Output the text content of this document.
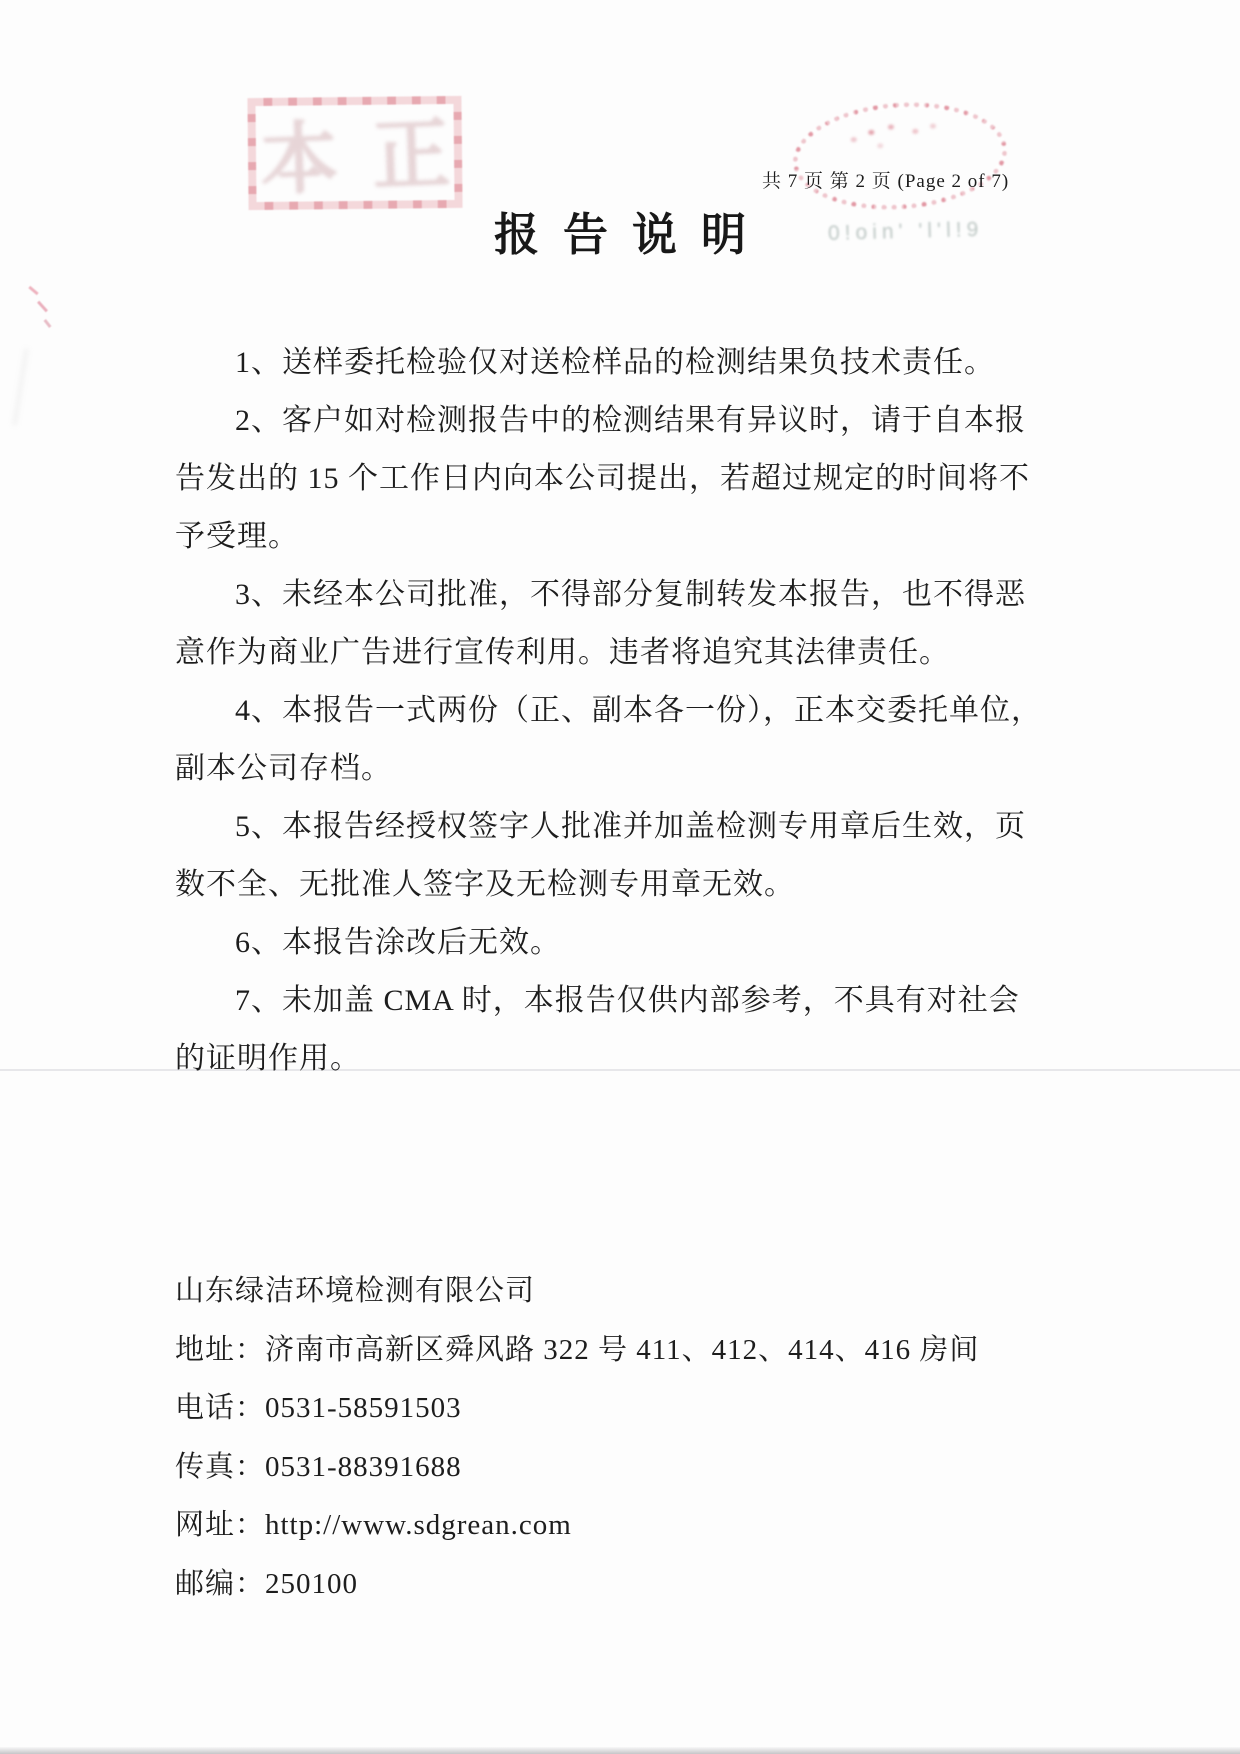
本正
0!oin' 'l'l!9
共 7 页 第 2 页 (Page 2 of 7)
报告说明
1、送样委托检验仅对送检样品的检测结果负技术责任。
2、客户如对检测报告中的检测结果有异议时，请于自本报
告发出的 15 个工作日内向本公司提出，若超过规定的时间将不
予受理。
3、未经本公司批准，不得部分复制转发本报告，也不得恶
意作为商业广告进行宣传利用。违者将追究其法律责任。
4、本报告一式两份（正、副本各一份），正本交委托单位，
副本公司存档。
5、本报告经授权签字人批准并加盖检测专用章后生效，页
数不全、无批准人签字及无检测专用章无效。
6、本报告涂改后无效。
7、未加盖 CMA 时，本报告仅供内部参考，不具有对社会
的证明作用。
山东绿洁环境检测有限公司
地址：济南市高新区舜风路 322 号 411、412、414、416 房间
电话：0531-58591503
传真：0531-88391688
网址：http://www.sdgrean.com
邮编：250100
